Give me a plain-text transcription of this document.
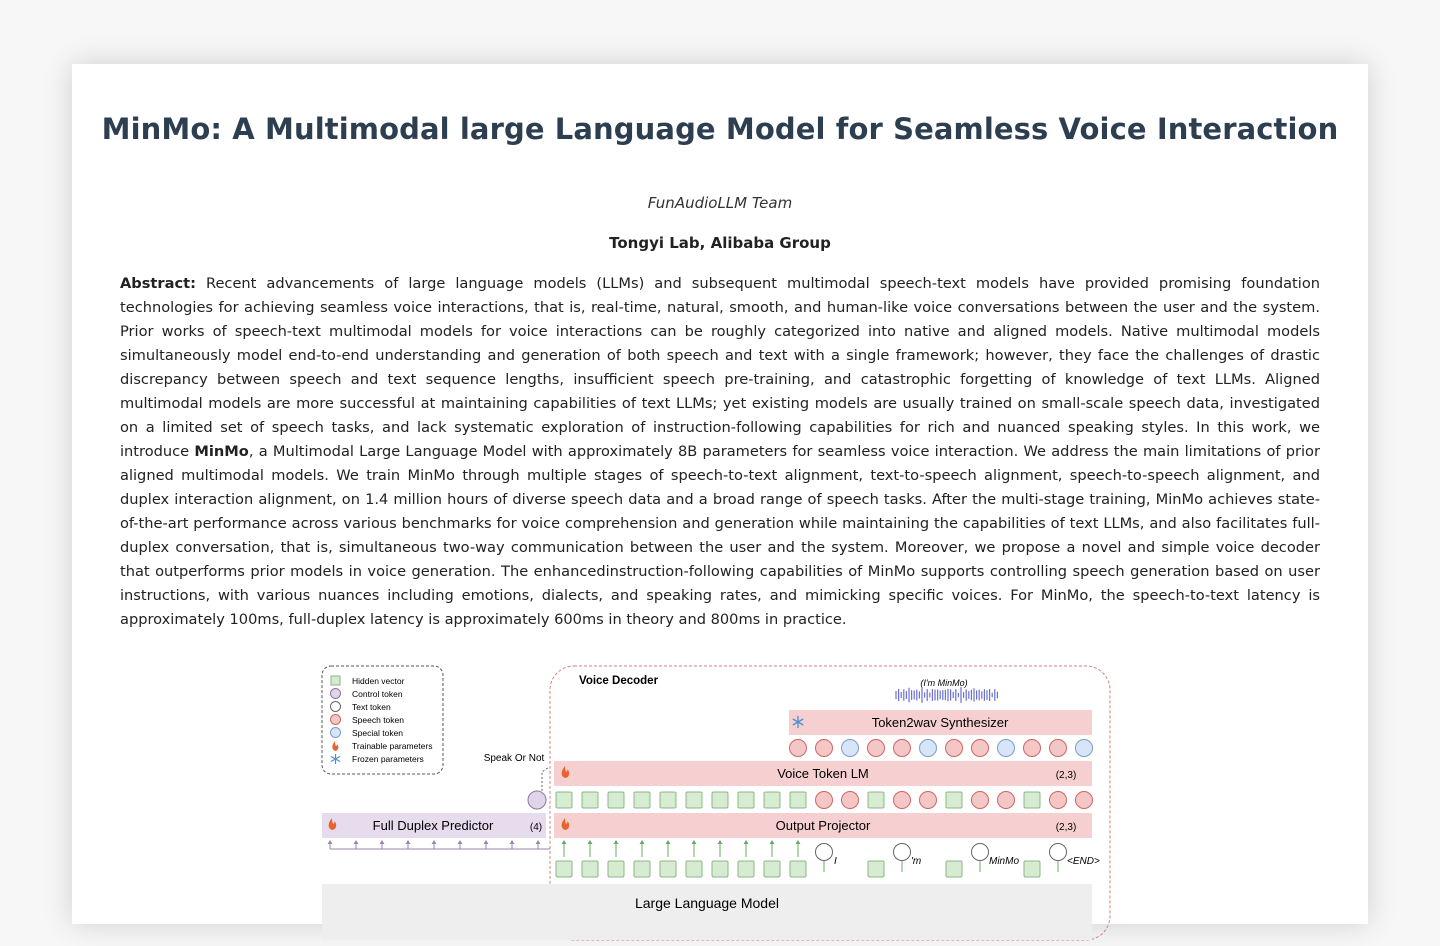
MinMo: A Multimodal large Language Model for Seamless Voice Interaction
FunAudioLLM Team
Tongyi Lab, Alibaba Group

Abstract: Recent advancements of large language models (LLMs) and subsequent multimodal speech-text models have provided promising foundation technologies for achieving seamless voice interactions, that is, real-time, natural, smooth, and human-like voice conversations between the user and the system. Prior works of speech-text multimodal models for voice interactions can be roughly categorized into native and aligned models. Native multimodal models simultaneously model end-to-end understanding and generation of both speech and text with a single framework; however, they face the challenges of drastic discrepancy between speech and text sequence lengths, insufficient speech pre-training, and catastrophic forgetting of knowledge of text LLMs. Aligned multimodal models are more successful at maintaining capabilities of text LLMs; yet existing models are usually trained on small-scale speech data, investigated on a limited set of speech tasks, and lack systematic exploration of instruction-following capabilities for rich and nuanced speaking styles. In this work, we introduce MinMo, a Multimodal Large Language Model with approximately 8B parameters for seamless voice interaction. We address the main limitations of prior aligned multimodal models. We train MinMo through multiple stages of speech-to-text alignment, text-to-speech alignment, speech-to-speech alignment, and duplex interaction alignment, on 1.4 million hours of diverse speech data and a broad range of speech tasks. After the multi-stage training, MinMo achieves state-of-the-art performance across various benchmarks for voice comprehension and generation while maintaining the capabilities of text LLMs, and also facilitates full-duplex conversation, that is, simultaneous two-way communication between the user and the system. Moreover, we propose a novel and simple voice decoder that outperforms prior models in voice generation. The enhancedinstruction-following capabilities of MinMo supports controlling speech generation based on user instructions, with various nuances including emotions, dialects, and speaking rates, and mimicking specific voices. For MinMo, the speech-to-text latency is approximately 100ms, full-duplex latency is approximately 600ms in theory and 800ms in practice.

Hidden vector
Control token
Text token
Speech token
Special token
Trainable parameters
Frozen parameters
Voice Decoder	(I'm MinMo)
Token2wav Synthesizer
Voice Token LM	(2,3)
Speak Or Not
Full Duplex Predictor	(4)	Output Projector	(2,3)
I	'm	MinMo	<END>
Large Language Model
